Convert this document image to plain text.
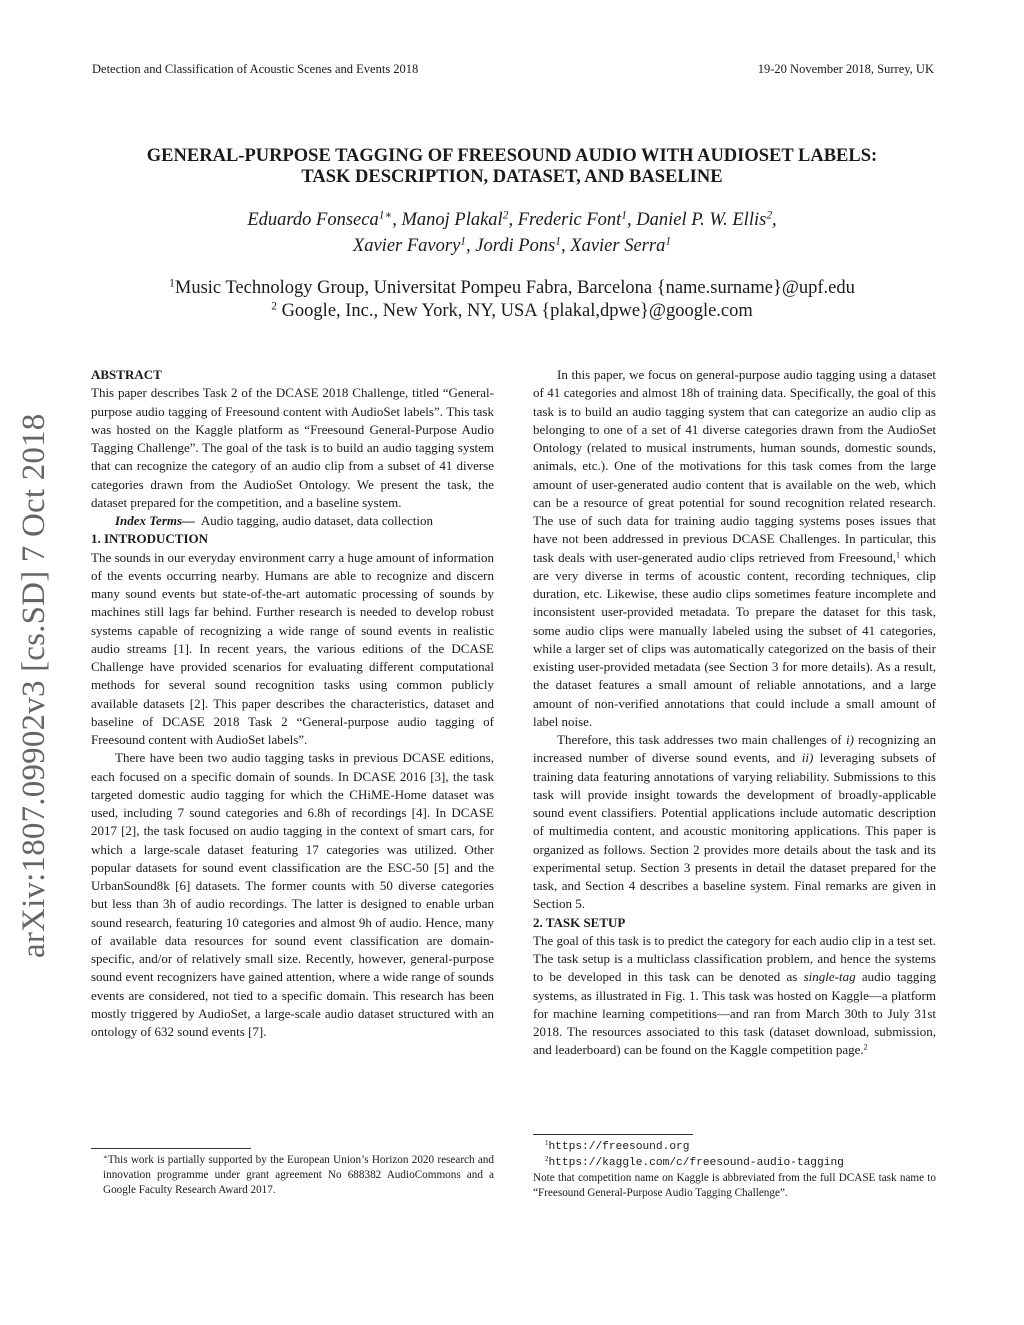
Detection and Classification of Acoustic Scenes and Events 2018	19-20 November 2018, Surrey, UK
GENERAL-PURPOSE TAGGING OF FREESOUND AUDIO WITH AUDIOSET LABELS:
TASK DESCRIPTION, DATASET, AND BASELINE
Eduardo Fonseca$^{1∗}$, Manoj Plakal$^2$, Frederic Font$^1$, Daniel P. W. Ellis$^2$,
Xavier Favory$^1$, Jordi Pons$^1$, Xavier Serra$^1$
$^1$Music Technology Group, Universitat Pompeu Fabra, Barcelona {name.surname}@upf.edu
$^2$ Google, Inc., New York, NY, USA {plakal,dpwe}@google.com
arXiv:1807.09902v3 [cs.SD] 7 Oct 2018

ABSTRACT

This paper describes Task 2 of the DCASE 2018 Challenge, titled “General-purpose audio tagging of Freesound content with AudioSet labels”. This task was hosted on the Kaggle platform as “Freesound General-Purpose Audio Tagging Challenge”. The goal of the task is to build an audio tagging system that can recognize the category of an audio clip from a subset of 41 diverse categories drawn from the AudioSet Ontology. We present the task, the dataset prepared for the competition, and a baseline system.

Index Terms— Audio tagging, audio dataset, data collection

1. INTRODUCTION

The sounds in our everyday environment carry a huge amount of information of the events occurring nearby. Humans are able to recognize and discern many sound events but state-of-the-art automatic processing of sounds by machines still lags far behind. Further research is needed to develop robust systems capable of recognizing a wide range of sound events in realistic audio streams [1]. In recent years, the various editions of the DCASE Challenge have provided scenarios for evaluating different computational methods for several sound recognition tasks using common publicly available datasets [2]. This paper describes the characteristics, dataset and baseline of DCASE 2018 Task 2 “General-purpose audio tagging of Freesound content with AudioSet labels”.

There have been two audio tagging tasks in previous DCASE editions, each focused on a specific domain of sounds. In DCASE 2016 [3], the task targeted domestic audio tagging for which the CHiME-Home dataset was used, including 7 sound categories and 6.8h of recordings [4]. In DCASE 2017 [2], the task focused on audio tagging in the context of smart cars, for which a large-scale dataset featuring 17 categories was utilized. Other popular datasets for sound event classification are the ESC-50 [5] and the UrbanSound8k [6] datasets. The former counts with 50 diverse categories but less than 3h of audio recordings. The latter is designed to enable urban sound research, featuring 10 categories and almost 9h of audio. Hence, many of available data resources for sound event classification are domain-specific, and/or of relatively small size. Recently, however, general-purpose sound event recognizers have gained attention, where a wide range of sounds events are considered, not tied to a specific domain. This research has been mostly triggered by AudioSet, a large-scale audio dataset structured with an ontology of 632 sound events [7].

∗This work is partially supported by the European Union’s Horizon 2020 research and innovation programme under grant agreement No 688382 AudioCommons and a Google Faculty Research Award 2017.

In this paper, we focus on general-purpose audio tagging using a dataset of 41 categories and almost 18h of training data. Specifically, the goal of this task is to build an audio tagging system that can categorize an audio clip as belonging to one of a set of 41 diverse categories drawn from the AudioSet Ontology (related to musical instruments, human sounds, domestic sounds, animals, etc.). One of the motivations for this task comes from the large amount of user-generated audio content that is available on the web, which can be a resource of great potential for sound recognition related research. The use of such data for training audio tagging systems poses issues that have not been addressed in previous DCASE Challenges. In particular, this task deals with user-generated audio clips retrieved from Freesound,$^1$ which are very diverse in terms of acoustic content, recording techniques, clip duration, etc. Likewise, these audio clips sometimes feature incomplete and inconsistent user-provided metadata. To prepare the dataset for this task, some audio clips were manually labeled using the subset of 41 categories, while a larger set of clips was automatically categorized on the basis of their existing user-provided metadata (see Section 3 for more details). As a result, the dataset features a small amount of reliable annotations, and a large amount of non-verified annotations that could include a small amount of label noise.

Therefore, this task addresses two main challenges of i) recognizing an increased number of diverse sound events, and ii) leveraging subsets of training data featuring annotations of varying reliability. Submissions to this task will provide insight towards the development of broadly-applicable sound event classifiers. Potential applications include automatic description of multimedia content, and acoustic monitoring applications. This paper is organized as follows. Section 2 provides more details about the task and its experimental setup. Section 3 presents in detail the dataset prepared for the task, and Section 4 describes a baseline system. Final remarks are given in Section 5.

2. TASK SETUP

The goal of this task is to predict the category for each audio clip in a test set. The task setup is a multiclass classification problem, and hence the systems to be developed in this task can be denoted as single-tag audio tagging systems, as illustrated in Fig. 1. This task was hosted on Kaggle—a platform for machine learning competitions—and ran from March 30th to July 31st 2018. The resources associated to this task (dataset download, submission, and leaderboard) can be found on the Kaggle competition page.$^2$

$^1$https://freesound.org

$^2$https://kaggle.com/c/freesound-audio-tagging

Note that competition name on Kaggle is abbreviated from the full DCASE task name to “Freesound General-Purpose Audio Tagging Challenge”.
